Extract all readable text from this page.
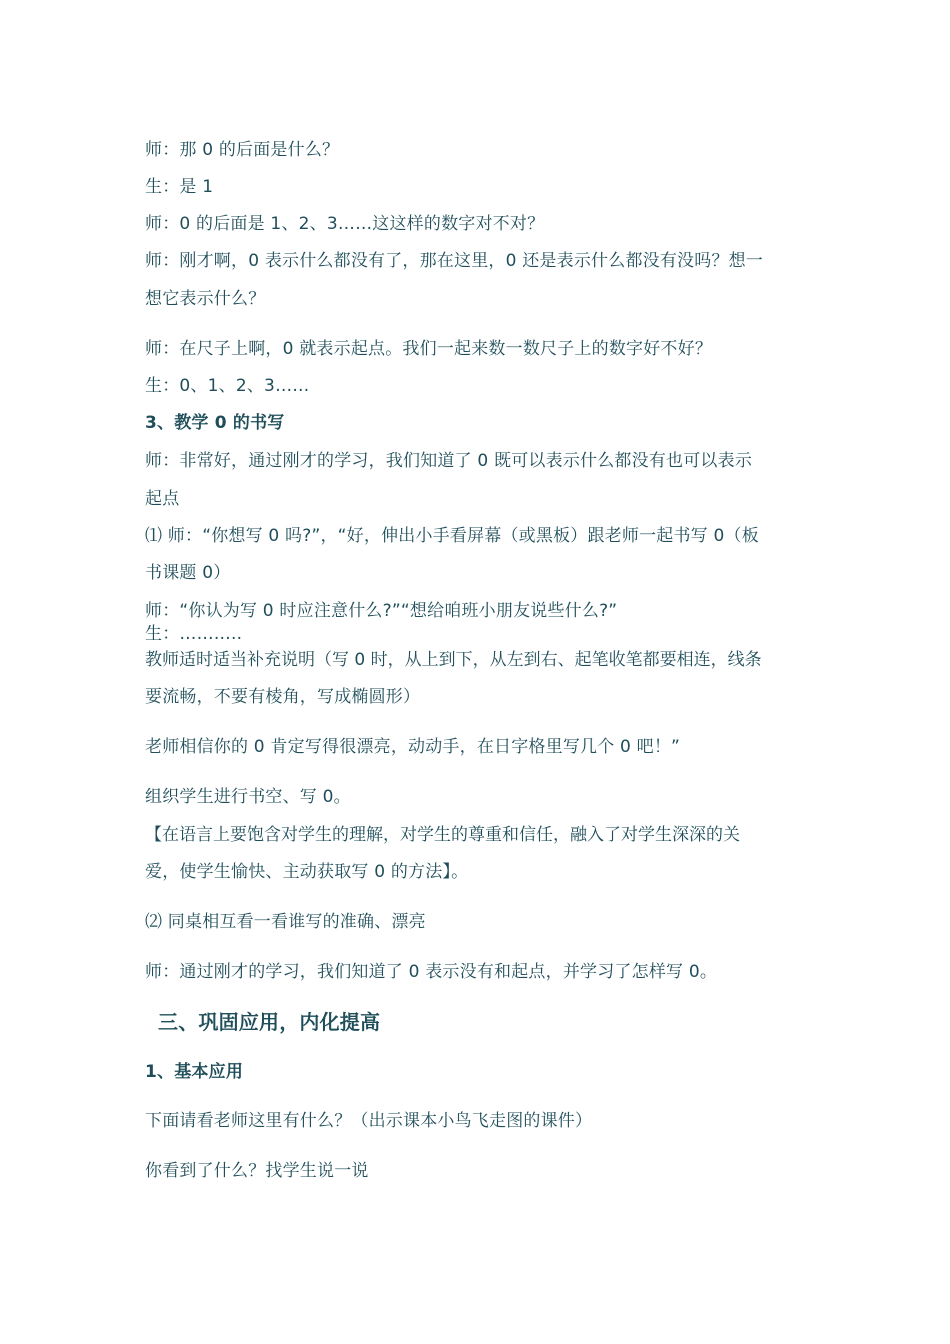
师：那 0 的后面是什么？
生：是 1
师：0 的后面是 1、2、3……这这样的数字对不对？
师：刚才啊，0 表示什么都没有了，那在这里，0 还是表示什么都没有没吗？想一
想它表示什么？
师：在尺子上啊，0 就表示起点。我们一起来数一数尺子上的数字好不好？
生：0、1、2、3……
3、教学 0 的书写
师：非常好，通过刚才的学习，我们知道了 0 既可以表示什么都没有也可以表示
起点
⑴ 师：“你想写 0 吗?”，“好，伸出小手看屏幕（或黑板）跟老师一起书写 0（板
书课题 0）
师：“你认为写 0 时应注意什么?”“想给咱班小朋友说些什么?”
生：………..
教师适时适当补充说明（写 0 时，从上到下，从左到右、起笔收笔都要相连，线条
要流畅，不要有棱角，写成椭圆形）
老师相信你的 0 肯定写得很漂亮，动动手，在日字格里写几个 0 吧！”
组织学生进行书空、写 0。
【在语言上要饱含对学生的理解，对学生的尊重和信任，融入了对学生深深的关
爱，使学生愉快、主动获取写 0 的方法】。
⑵ 同桌相互看一看谁写的准确、漂亮
师：通过刚才的学习，我们知道了 0 表示没有和起点，并学习了怎样写 0。
三、巩固应用，内化提高
1、基本应用
下面请看老师这里有什么？（出示课本小鸟飞走图的课件）
你看到了什么？找学生说一说
